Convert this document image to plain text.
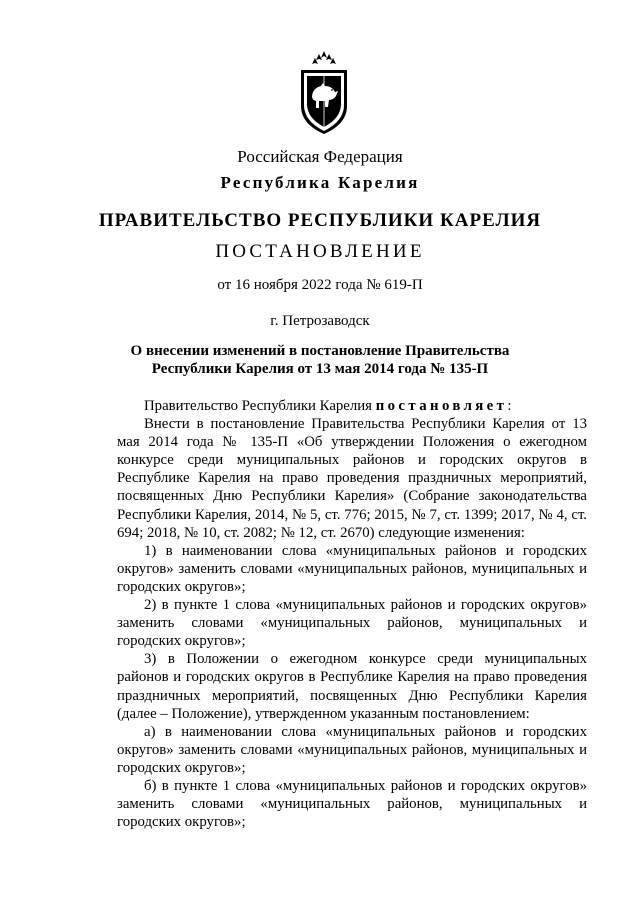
Российская Федерация
Республика Карелия
ПРАВИТЕЛЬСТВО РЕСПУБЛИКИ КАРЕЛИЯ
ПОСТАНОВЛЕНИЕ
от 16 ноября 2022 года № 619-П
г. Петрозаводск
О внесении изменений в постановление Правительства
Республики Карелия от 13 мая 2014 года № 135-П

Правительство Республики Карелия постановляет:

Внести в постановление Правительства Республики Карелия от 13 мая 2014 года № 135-П «Об утверждении Положения о ежегодном конкурсе среди муниципальных районов и городских округов в Республике Карелия на право проведения праздничных мероприятий, посвященных Дню Республики Карелия» (Собрание законодательства Республики Карелия, 2014, № 5, ст. 776; 2015, № 7, ст. 1399; 2017, № 4, ст. 694; 2018, № 10, ст. 2082; № 12, ст. 2670) следующие изменения:

1) в наименовании слова «муниципальных районов и городских округов» заменить словами «муниципальных районов, муниципальных и городских округов»;

2) в пункте 1 слова «муниципальных районов и городских округов» заменить словами «муниципальных районов, муниципальных и городских округов»;

3) в Положении о ежегодном конкурсе среди муниципальных районов и городских округов в Республике Карелия на право проведения праздничных мероприятий, посвященных Дню Республики Карелия (далее – Положение), утвержденном указанным постановлением:

а) в наименовании слова «муниципальных районов и городских округов» заменить словами «муниципальных районов, муниципальных и городских округов»;

б) в пункте 1 слова «муниципальных районов и городских округов» заменить словами «муниципальных районов, муниципальных и городских округов»;
